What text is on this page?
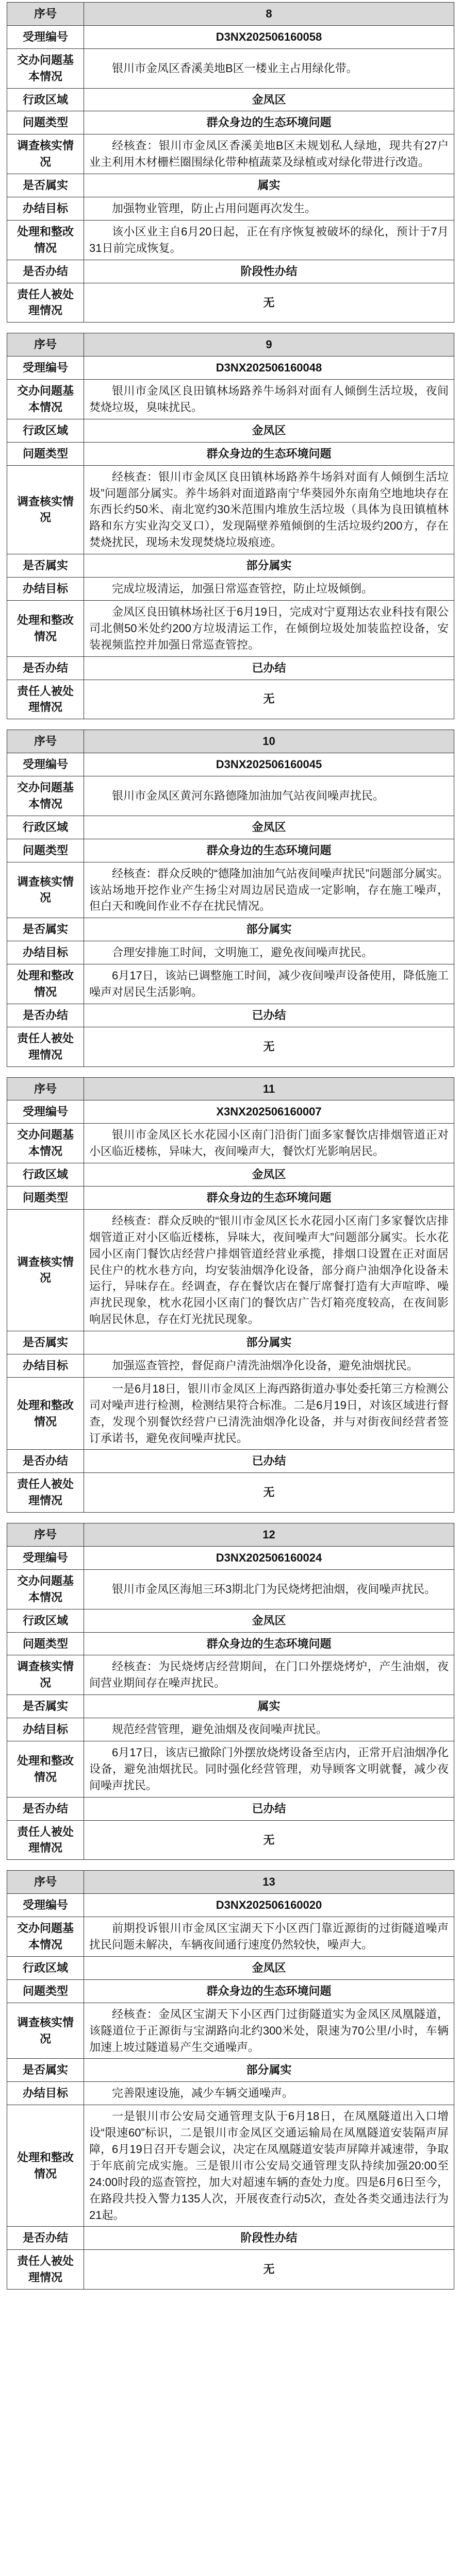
序号	8
受理编号	D3NX202506160058
交办问题基本情况	银川市金凤区香溪美地B区一楼业主占用绿化带。
行政区域	金凤区
问题类型	群众身边的生态环境问题
调查核实情况	经核查：银川市金凤区香溪美地B区未规划私人绿地，现共有27户业主利用木材栅栏圈围绿化带种植蔬菜及绿植或对绿化带进行改造。
是否属实	属实
办结目标	加强物业管理，防止占用问题再次发生。
处理和整改情况	该小区业主自6月20日起，正在有序恢复被破坏的绿化，预计于7月31日前完成恢复。
是否办结	阶段性办结
责任人被处理情况	无
序号	9
受理编号	D3NX202506160048
交办问题基本情况	银川市金凤区良田镇林场路养牛场斜对面有人倾倒生活垃圾，夜间焚烧垃圾，臭味扰民。
行政区域	金凤区
问题类型	群众身边的生态环境问题
调查核实情况	经核查：银川市金凤区良田镇林场路养牛场斜对面有人倾倒生活垃圾”问题部分属实。养牛场斜对面道路南宁华葵园外东南角空地地块存在东西长约50米、南北宽约30米范围内堆放生活垃圾（具体为良田镇植林路和东方实业沟交叉口），发现隔壁养殖倾倒的生活垃圾约200方，存在焚烧扰民，现场未发现焚烧垃圾痕迹。
是否属实	部分属实
办结目标	完成垃圾清运，加强日常巡查管控，防止垃圾倾倒。
处理和整改情况	金凤区良田镇林场社区于6月19日，完成对宁夏翔达农业科技有限公司北侧50米处约200方垃圾清运工作，在倾倒垃圾处加装监控设备，安装视频监控并加强日常巡查管控。
是否办结	已办结
责任人被处理情况	无
序号	10
受理编号	D3NX202506160045
交办问题基本情况	银川市金凤区黄河东路德隆加油加气站夜间噪声扰民。
行政区域	金凤区
问题类型	群众身边的生态环境问题
调查核实情况	经核查：群众反映的“德隆加油加气站夜间噪声扰民”问题部分属实。该站场地开挖作业产生扬尘对周边居民造成一定影响，存在施工噪声，但白天和晚间作业不存在扰民情况。
是否属实	部分属实
办结目标	合理安排施工时间，文明施工，避免夜间噪声扰民。
处理和整改情况	6月17日，该站已调整施工时间，减少夜间噪声设备使用，降低施工噪声对居民生活影响。
是否办结	已办结
责任人被处理情况	无
序号	11
受理编号	X3NX202506160007
交办问题基本情况	银川市金凤区长水花园小区南门沿街门面多家餐饮店排烟管道正对小区临近楼栋，异味大，夜间噪声大，餐饮灯光影响居民。
行政区域	金凤区
问题类型	群众身边的生态环境问题
调查核实情况	经核查：群众反映的“银川市金凤区长水花园小区南门多家餐饮店排烟管道正对小区临近楼栋，异味大，夜间噪声大”问题部分属实。长水花园小区南门餐饮店经营户排烟管道经营业承揽，排烟口设置在正对面居民住户的枕水巷方向，均安装油烟净化设备，部分商户油烟净化设备未运行，异味存在。经调查，存在餐饮店在餐厅席餐打造有大声喧哗、噪声扰民现象，枕水花园小区南门的餐饮店广告灯箱亮度较高，在夜间影响居民休息，存在灯光扰民现象。
是否属实	部分属实
办结目标	加强巡查管控，督促商户清洗油烟净化设备，避免油烟扰民。
处理和整改情况	一是6月18日，银川市金凤区上海西路街道办事处委托第三方检测公司对噪声进行检测，检测结果符合标准。二是6月19日，对该区域进行督查，发现个别餐饮经营户已清洗油烟净化设备，并与对街夜间经营者签订承诺书，避免夜间噪声扰民。
是否办结	已办结
责任人被处理情况	无
序号	12
受理编号	D3NX202506160024
交办问题基本情况	银川市金凤区海旭三环3期北门为民烧烤把油烟，夜间噪声扰民。
行政区域	金凤区
问题类型	群众身边的生态环境问题
调查核实情况	经核查：为民烧烤店经营期间，在门口外摆烧烤炉，产生油烟，夜间营业期间存在噪声扰民。
是否属实	属实
办结目标	规范经营管理，避免油烟及夜间噪声扰民。
处理和整改情况	6月17日，该店已撤除门外摆放烧烤设备至店内，正常开启油烟净化设备，避免油烟扰民。同时强化经营管理，劝导顾客文明就餐，减少夜间噪声扰民。
是否办结	已办结
责任人被处理情况	无
序号	13
受理编号	D3NX202506160020
交办问题基本情况	前期投诉银川市金凤区宝湖天下小区西门靠近源街的过街隧道噪声扰民问题未解决，车辆夜间通行速度仍然较快，噪声大。
行政区域	金凤区
问题类型	群众身边的生态环境问题
调查核实情况	经核查：金凤区宝湖天下小区西门过街隧道实为金凤区凤凰隧道，该隧道位于正源街与宝湖路向北约300米处，限速为70公里/小时，车辆加速上坡过隧道易产生交通噪声。
是否属实	部分属实
办结目标	完善限速设施，减少车辆交通噪声。
处理和整改情况	一是银川市公安局交通管理支队于6月18日，在凤凰隧道出入口增设“限速60”标识，二是银川市金凤区交通运输局在凤凰隧道安装隔声屏障，6月19日召开专题会议，决定在凤凰隧道安装声屏障并减速带，争取于年底前完成实施。三是银川市公安局交通管理支队持续加强20:00至24:00时段的巡查管控，加大对超速车辆的查处力度。四是6月6日至今，在路段共投入警力135人次，开展夜查行动5次，查处各类交通违法行为21起。
是否办结	阶段性办结
责任人被处理情况	无
